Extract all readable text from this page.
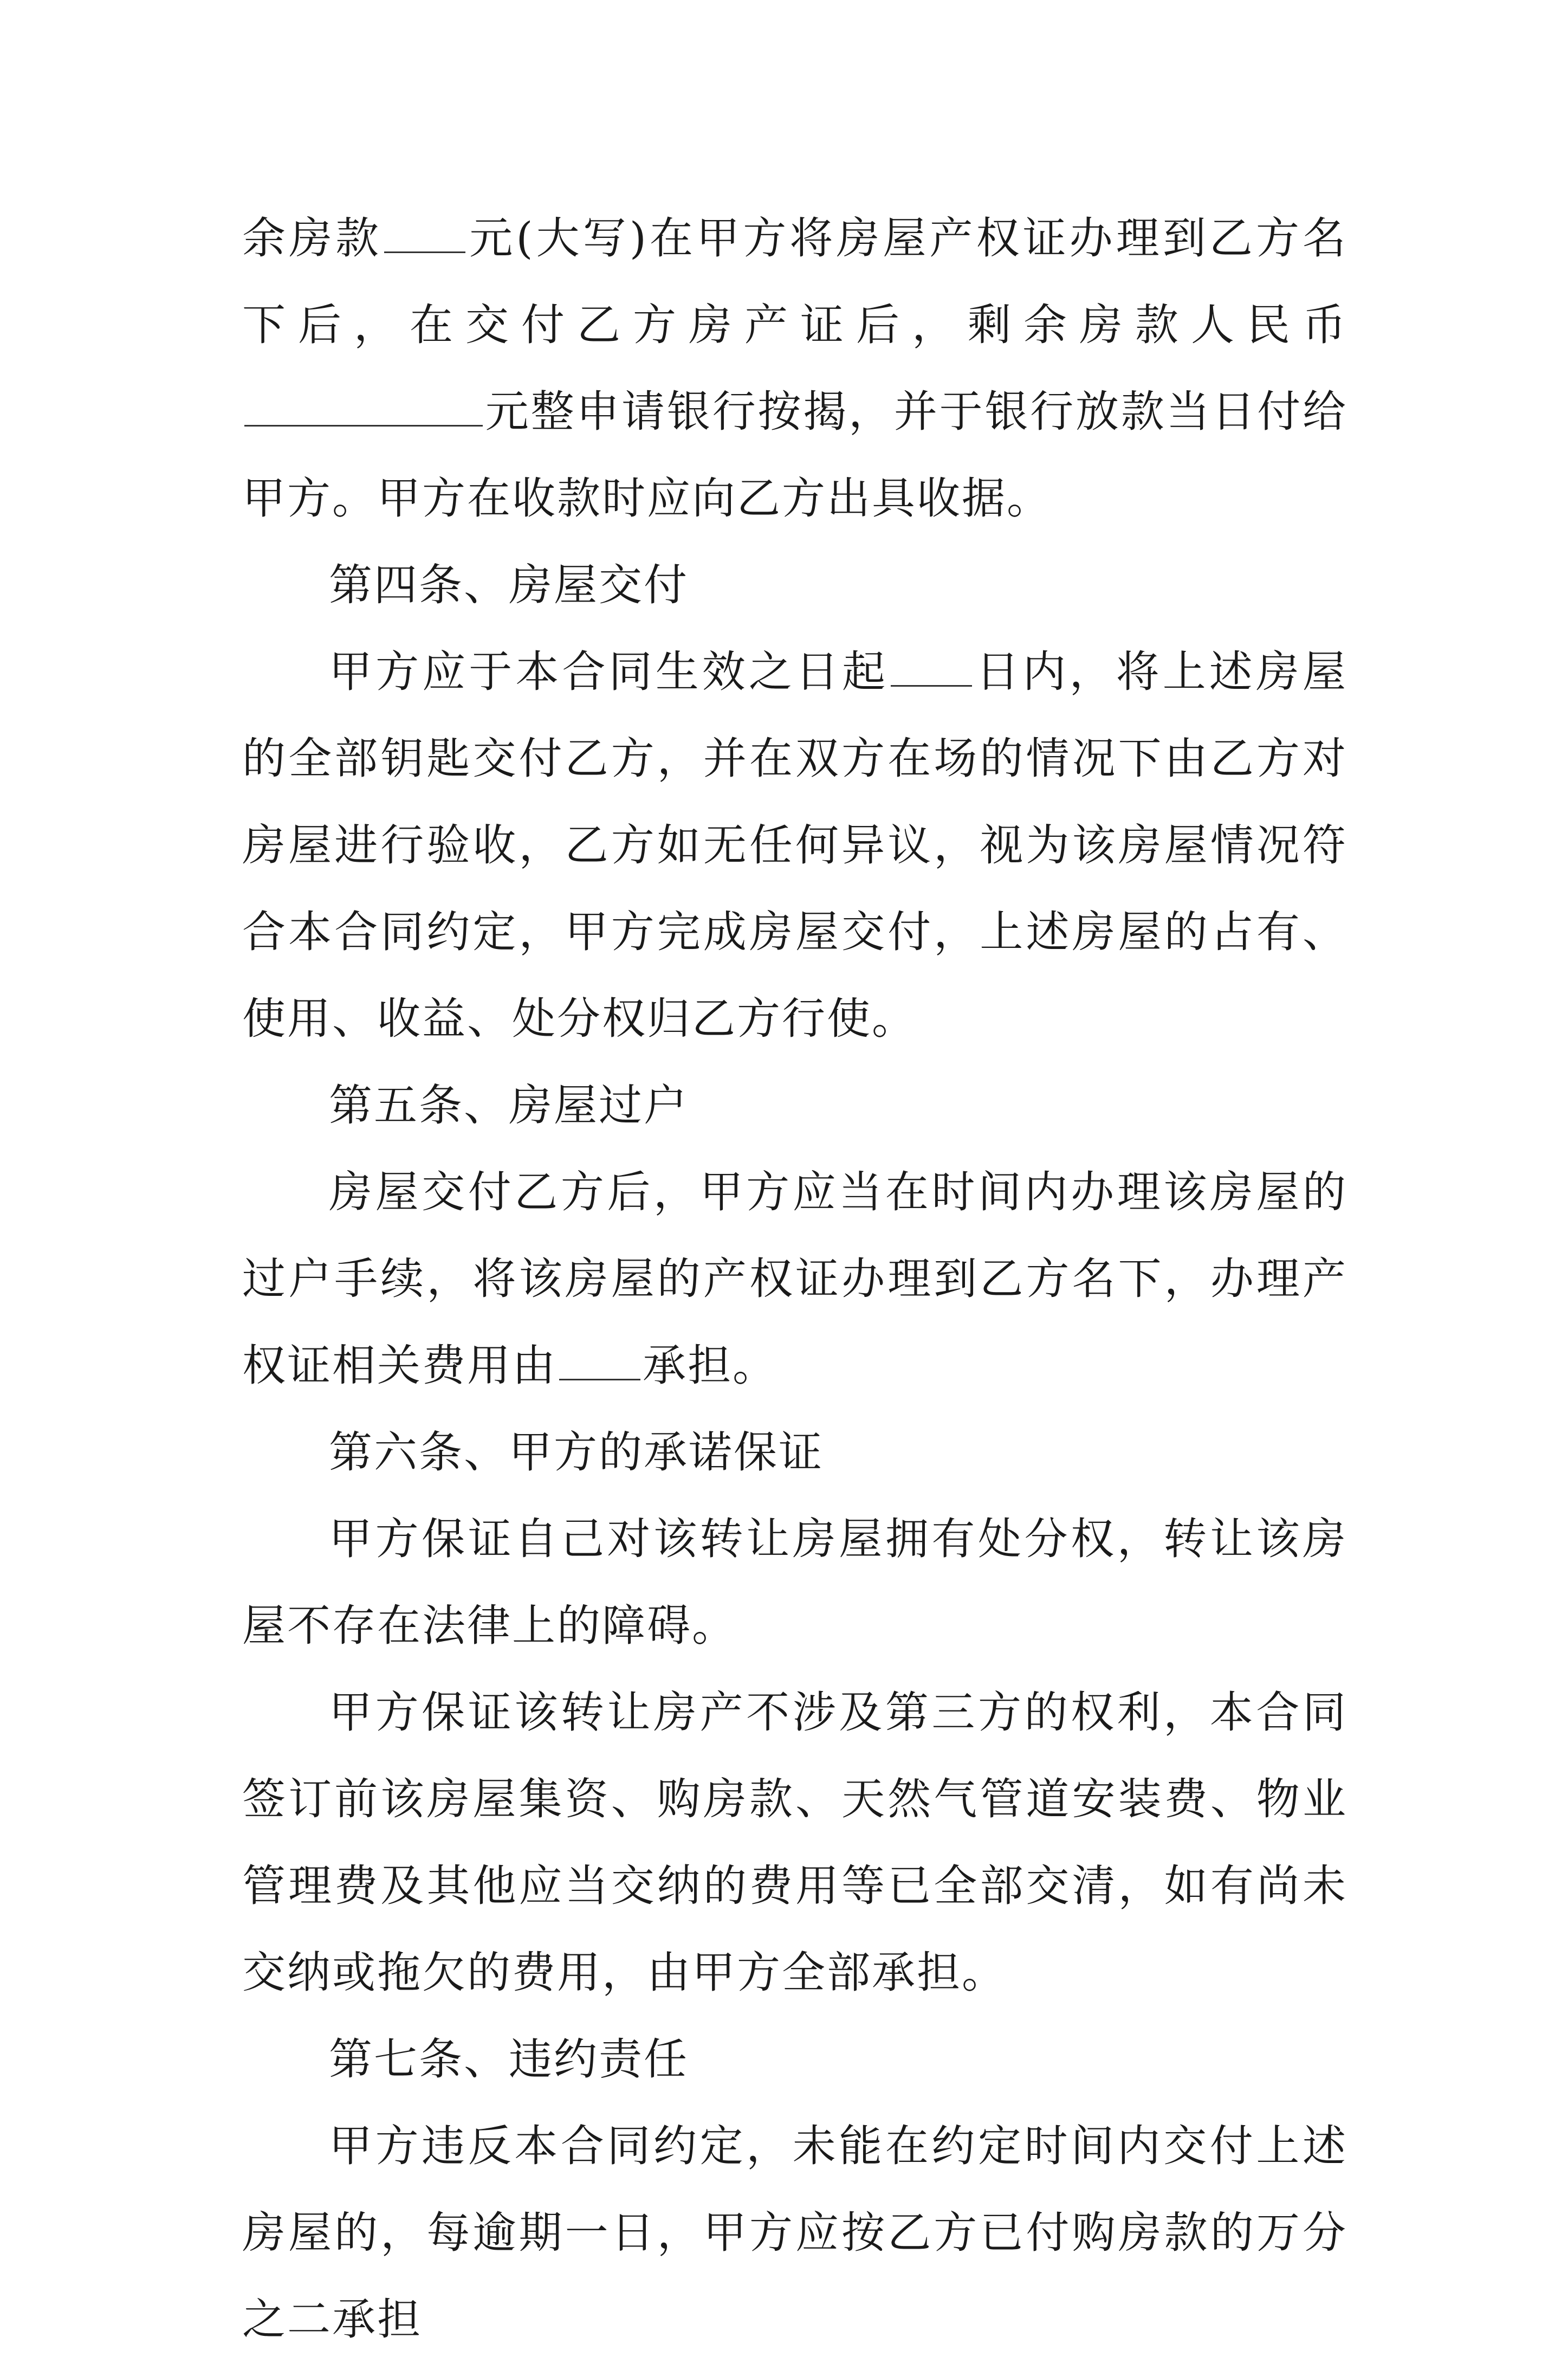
余房款 元(大写)在甲方将房屋产权证办理到乙方名下后，在交付乙方房产证后，剩余房款人民币元整申请银行按揭，并于银行放款当日付给甲方。甲方在收款时应向乙方出具收据。

第四条、房屋交付

甲方应于本合同生效之日起 日内，将上述房屋的全部钥匙交付乙方，并在双方在场的情况下由乙方对房屋进行验收，乙方如无任何异议，视为该房屋情况符合本合同约定，甲方完成房屋交付，上述房屋的占有、使用、收益、处分权归乙方行使。

第五条、房屋过户

房屋交付乙方后，甲方应当在时间内办理该房屋的过户手续，将该房屋的产权证办理到乙方名下，办理产权证相关费用由 承担。

第六条、甲方的承诺保证

甲方保证自己对该转让房屋拥有处分权，转让该房屋不存在法律上的障碍。

甲方保证该转让房产不涉及第三方的权利，本合同签订前该房屋集资、购房款、天然气管道安装费、物业管理费及其他应当交纳的费用等已全部交清，如有尚未交纳或拖欠的费用，由甲方全部承担。

第七条、违约责任

甲方违反本合同约定，未能在约定时间内交付上述房屋的，每逾期一日，甲方应按乙方已付购房款的万分之二承担
